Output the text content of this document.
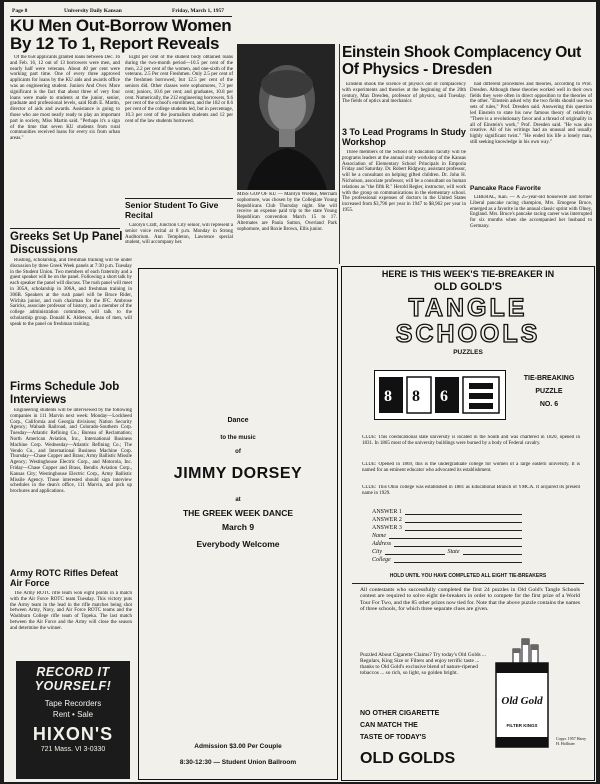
Page 8	University Daily Kansan	Friday, March 1, 1957
KU Men Out-Borrow Women By 12 To 1, Report Reveals

Of the 658 applicants granted loans between Dec. 16 and Feb. 16, 12 out of 13 borrowers were men, and nearly half were veterans. About 40 per cent were working part time. One of every three approved applicants for loans by the KU aids and awards office was an engineering student. Juniors And Over. More significant is the fact that about three of very four loans were made to students at the junior, senior, graduate and professional levels, said Ruth E. Martin, director of aids and awards. Assistance is going to those who are most nearly ready to play an important part in society, Miss Martin said. "Perhaps it's a sign of the time that seven KU students from rural communities received loans for every six from urban areas."

Eight per cent of the student body obtained loans during the two-month period—10.5 per cent of the men, 2.2 per cent of the women, and one-sixth of the veterans. 2.5 Per cent Freshmen. Only 2.5 per cent of the freshmen borrowed, but 12.5 per cent of the seniors did. Other classes were sophomores, 7.3 per cent; juniors, 10.6 per cent; and graduates, 10.8 per cent. Numerically, the 212 engineering borrowers, 9.6 per cent of the school's enrollment, and the 182 or 8.6 per cent of the college students led, but in percentage, 10.3 per cent of the journalism students and 12 per cent of the law students borrowed.

MISS GOP OF KU — Marilyn Wiebke, Merriam sophomore, was chosen by the Collegiate Young Republicans Club Thursday night. She will receive an expense paid trip to the state Young Republican convention March 15 to 17. Alternates are Paula Sutton, Overland Park sophomore, and Roxie Brown, Ellis junior.

Senior Student To Give Recital

Carolyn Craft, Junction City senior, will represent a senior voice recital at 8 p.m. Monday in Strong Auditorium. Ann Templeton, Lawrence special student, will accompany her.

Greeks Set Up Panel Discussions

Rushing, scholarship, and freshman training will be under discussion by three Greek Week panels at 7:30 p.m. Tuesday in the Student Union. Two members of each fraternity and a guest speaker will be on the panel. Following a short talk by each speaker the panel will discuss. The rush panel will meet in 305A, scholarship in 306A, and freshman training in 306B. Speakers at the rush panel will be Bruce Rider, Wichita junior, and rush chairman for the IFC. Ambrose Saricks, associate professor of history, and a member of the college administration committee, will talk to the scholarship group. Donald K. Alderson, dean of men, will speak to the panel on freshman training.

Firms Schedule Job Interviews

Engineering students will be interviewed by the following companies in 111 Marvin next week: Monday—Lockheed Corp., California and Georgia divisions; Nation Security Agency; Wabash Railroad, and Colorado-Southern Corp. Tuesday—Atlantic Refining Co.; Bureau of Reclamation; North American Aviation, Inc., International Business Machine Corp. Wednesday—Atlantic Refining Co.; The Vendo Co., and International Business Machine Corp. Thursday—Chase Copper and Brass; Army Ballistic Missile Agency; Westinghouse Electric Corp., and Motorola, Inc. Friday—Chase Copper and Brass, Bendix Aviation Corp., Kansas City; Westinghouse Electric Corp., Army Ballistic Missile Agency. Those interested should sign interview schedules in the dean's office, 111 Marvin, and pick up brochures and applications.

Army ROTC Rifles Defeat Air Force

The Army ROTC rifle team won eight points in a match with the Air Force ROTC team Tuesday. This victory puts the Army team in the lead in the rifle matches being shot between Army, Navy, and Air Force ROTC teams and the Washburn College rifle team of Topeka. The last match between the Air Force and the Army will close the season and determine the winner.

RECORD IT
YOURSELF!
Tape Recorders
Rent • Sale
HIXON'S
721 Mass. VI 3-0330
Dance
to the music
of
JIMMY DORSEY
at
THE GREEK WEEK DANCE
March 9
Everybody Welcome
Admission $3.00 Per Couple
8:30-12:30 — Student Union Ballroom
Einstein Shook Complacency Out Of Physics - Dresden

Einstein shook the science of physics out of complacency with experiments and theories at the beginning of the 20th century, Max Dresden, professor of physics, said Tuesday. The fields of optics and mechanics

had different procedures and theories, according to Prof. Dresden. Although these theories worked well in their own fields they were often in direct opposition to the theories of the other. "Einstein asked why the two fields should use two sets of rules," Prof. Dresden said. Answering this question led Einstein to state his now famous theory of relativity. "There is a revolutionary favor and a thread of originality in all of Einstein's work," Prof. Dresden said. "He was also creative. All of his writings had an unusual and usually highly significant twist." "He ended his life a lonely man, still seeking knowledge in his own way."

3 To Lead Programs In Study Workshop

Three members of the School of Education faculty will be programs leaders at the annual study workshop of the Kansas Association of Elementary School Principals in Emporia Friday and Saturday. Dr. Robert Ridgway, assistant professor, will be a consultant on helping gifted children. Dr. John H. Nicholson, associate professor, will be a consultant on human relations as "the fifth R." Herold Regier, instructor, will work with the group on communications in the elementary school. The professional expenses of doctors in the United States increased from $3,796 per year in 1947 to $8,962 per year in 1955.

Pancake Race Favorite

LIBERAL, Kan. — A 25-year-old housewife and former Liberal pancake racing champion, Mrs. Emogene Bruce, emerged as a favorite in the annual classic sprint with Olney, England. Mrs. Bruce's pancake racing career was interrupted for six months when she accompanied her husband to Germany.

HERE IS THIS WEEK'S TIE-BREAKER IN
OLD GOLD'S
TANGLE
SCHOOLS
PUZZLES
8 8 6
TIE-BREAKING
PUZZLE
NO. 6

CLUE: This coeducational state university is located in the South and was chartered in 1820, opened in 1831. In 1865 most of the university buildings were burned by a body of Federal cavalry.

CLUE: Opened in 1869, this is the undergraduate college for women of a large eastern university. It is named for an eminent educator who advocated its establishment.

CLUE: This Ohio college was established in 1881 as Educational Branch of YMCA. It acquired its present name in 1929.

ANSWER 1
ANSWER 2
ANSWER 3
Name
Address
City	State
College
HOLD UNTIL YOU HAVE COMPLETED ALL EIGHT TIE-BREAKERS

All contestants who successfully completed the first 24 puzzles in Old Gold's Tangle Schools contest are required to solve eight tie-breakers in order to compete for the first prize of a World Tour For Two, and the 85 other prizes now tied for. Note that the above puzzle contains the names of three schools, for which three separate clues are given.

Puzzled About Cigarette Claims? Try today's Old Golds ... Regulars, King Size or Filters and enjoy terrific taste ... thanks to Old Gold's exclusive blend of nature-ripened tobaccos ... so rich, so light, so golden bright.

NO OTHER CIGARETTE
CAN MATCH THE
TASTE OF TODAY'S
OLD GOLDS
Old Gold
FILTER KINGS
Copyr. 1957 Harry H. Hollister
